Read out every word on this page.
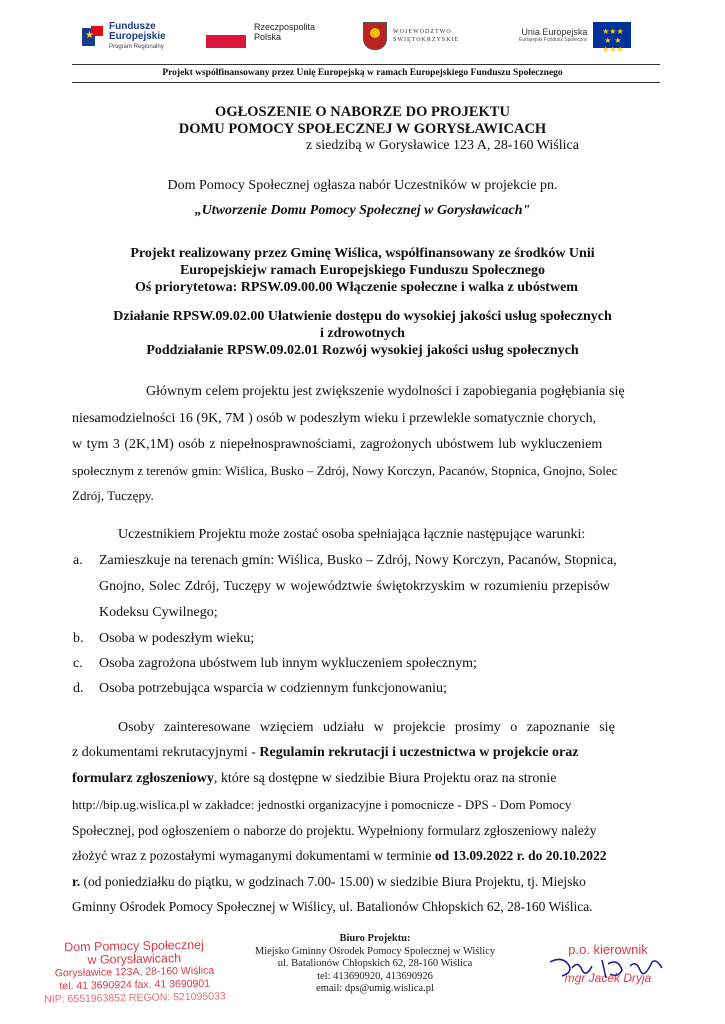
★
Fundusze
Europejskie
Program Regionalny
Rzeczpospolita
Polska	WOJEWÓDZTWO
ŚWIĘTOKRZYSKIE
Unia Europejska
Europejski Fundusz Społeczny
★ ★ ★
★    ★
★ ★ ★
Projekt współfinansowany przez Unię Europejską w ramach Europejskiego Funduszu Społecznego
OGŁOSZENIE O NABORZE DO PROJEKTU
DOMU POMOCY SPOŁECZNEJ W GORYSŁAWICACH
z siedzibą w Gorysławice 123 A, 28-160 Wiślica
Dom Pomocy Społecznej ogłasza nabór Uczestników w projekcie pn.
„Utworzenie Domu Pomocy Społecznej w Gorysławicach"
Projekt realizowany przez Gminę Wiślica, współfinansowany ze środków Unii
Europejskiejw ramach Europejskiego Funduszu Społecznego
Oś priorytetowa: RPSW.09.00.00 Włączenie społeczne i walka z ubóstwem
Działanie RPSW.09.02.00 Ułatwienie dostępu do wysokiej jakości usług społecznych
i zdrowotnych
Poddziałanie RPSW.09.02.01 Rozwój wysokiej jakości usług społecznych
Głównym celem projektu jest zwiększenie wydolności i zapobiegania pogłębiania się
niesamodzielności 16 (9K, 7M ) osób w podeszłym wieku i przewlekle somatycznie chorych,
w tym 3 (2K,1M) osób z niepełnosprawnościami, zagrożonych ubóstwem lub wykluczeniem
społecznym z terenów gmin: Wiślica, Busko – Zdrój, Nowy Korczyn, Pacanów, Stopnica, Gnojno, Solec
Zdrój, Tuczępy.
Uczestnikiem Projektu może zostać osoba spełniająca łącznie następujące warunki:
a. Zamieszkuje na terenach gmin: Wiślica, Busko – Zdrój, Nowy Korczyn, Pacanów, Stopnica,
Gnojno, Solec Zdrój, Tuczępy w województwie świętokrzyskim w rozumieniu przepisów
Kodeksu Cywilnego;
b. Osoba w podeszłym wieku;
c. Osoba zagrożona ubóstwem lub innym wykluczeniem społecznym;
d. Osoba potrzebująca wsparcia w codziennym funkcjonowaniu;
Osoby zainteresowane wzięciem udziału w projekcie prosimy o zapoznanie się
z dokumentami rekrutacyjnymi - Regulamin rekrutacji i uczestnictwa w projekcie oraz
formularz zgłoszeniowy, które są dostępne w siedzibie Biura Projektu oraz na stronie
http://bip.ug.wislica.pl w zakładce: jednostki organizacyjne i pomocnicze - DPS - Dom Pomocy
Społecznej, pod ogłoszeniem o naborze do projektu. Wypełniony formularz zgłoszeniowy należy
złożyć wraz z pozostałymi wymaganymi dokumentami w terminie od 13.09.2022 r. do 20.10.2022
r. (od poniedziałku do piątku, w godzinach 7.00- 15.00) w siedzibie Biura Projektu, tj. Miejsko
Gminny Ośrodek Pomocy Społecznej w Wiślicy, ul. Batalionów Chłopskich 62, 28-160 Wiślica.
Dom Pomocy Społecznej
w Gorysławicach
Gorysławice 123A, 28-160 Wiślica
tel. 41 3690924 fax. 41 3690901
NIP: 6551963852 REGON: 521095033
Biuro Projektu:
Miejsko Gminny Ośrodek Pomocy Społecznej w Wiślicy
ul. Batalionów Chłopskich 62, 28-160 Wiślica
tel: 413690920, 413690926
email: dps@umig.wislica.pl
p.o. kierownik
mgr Jacek Dryja
